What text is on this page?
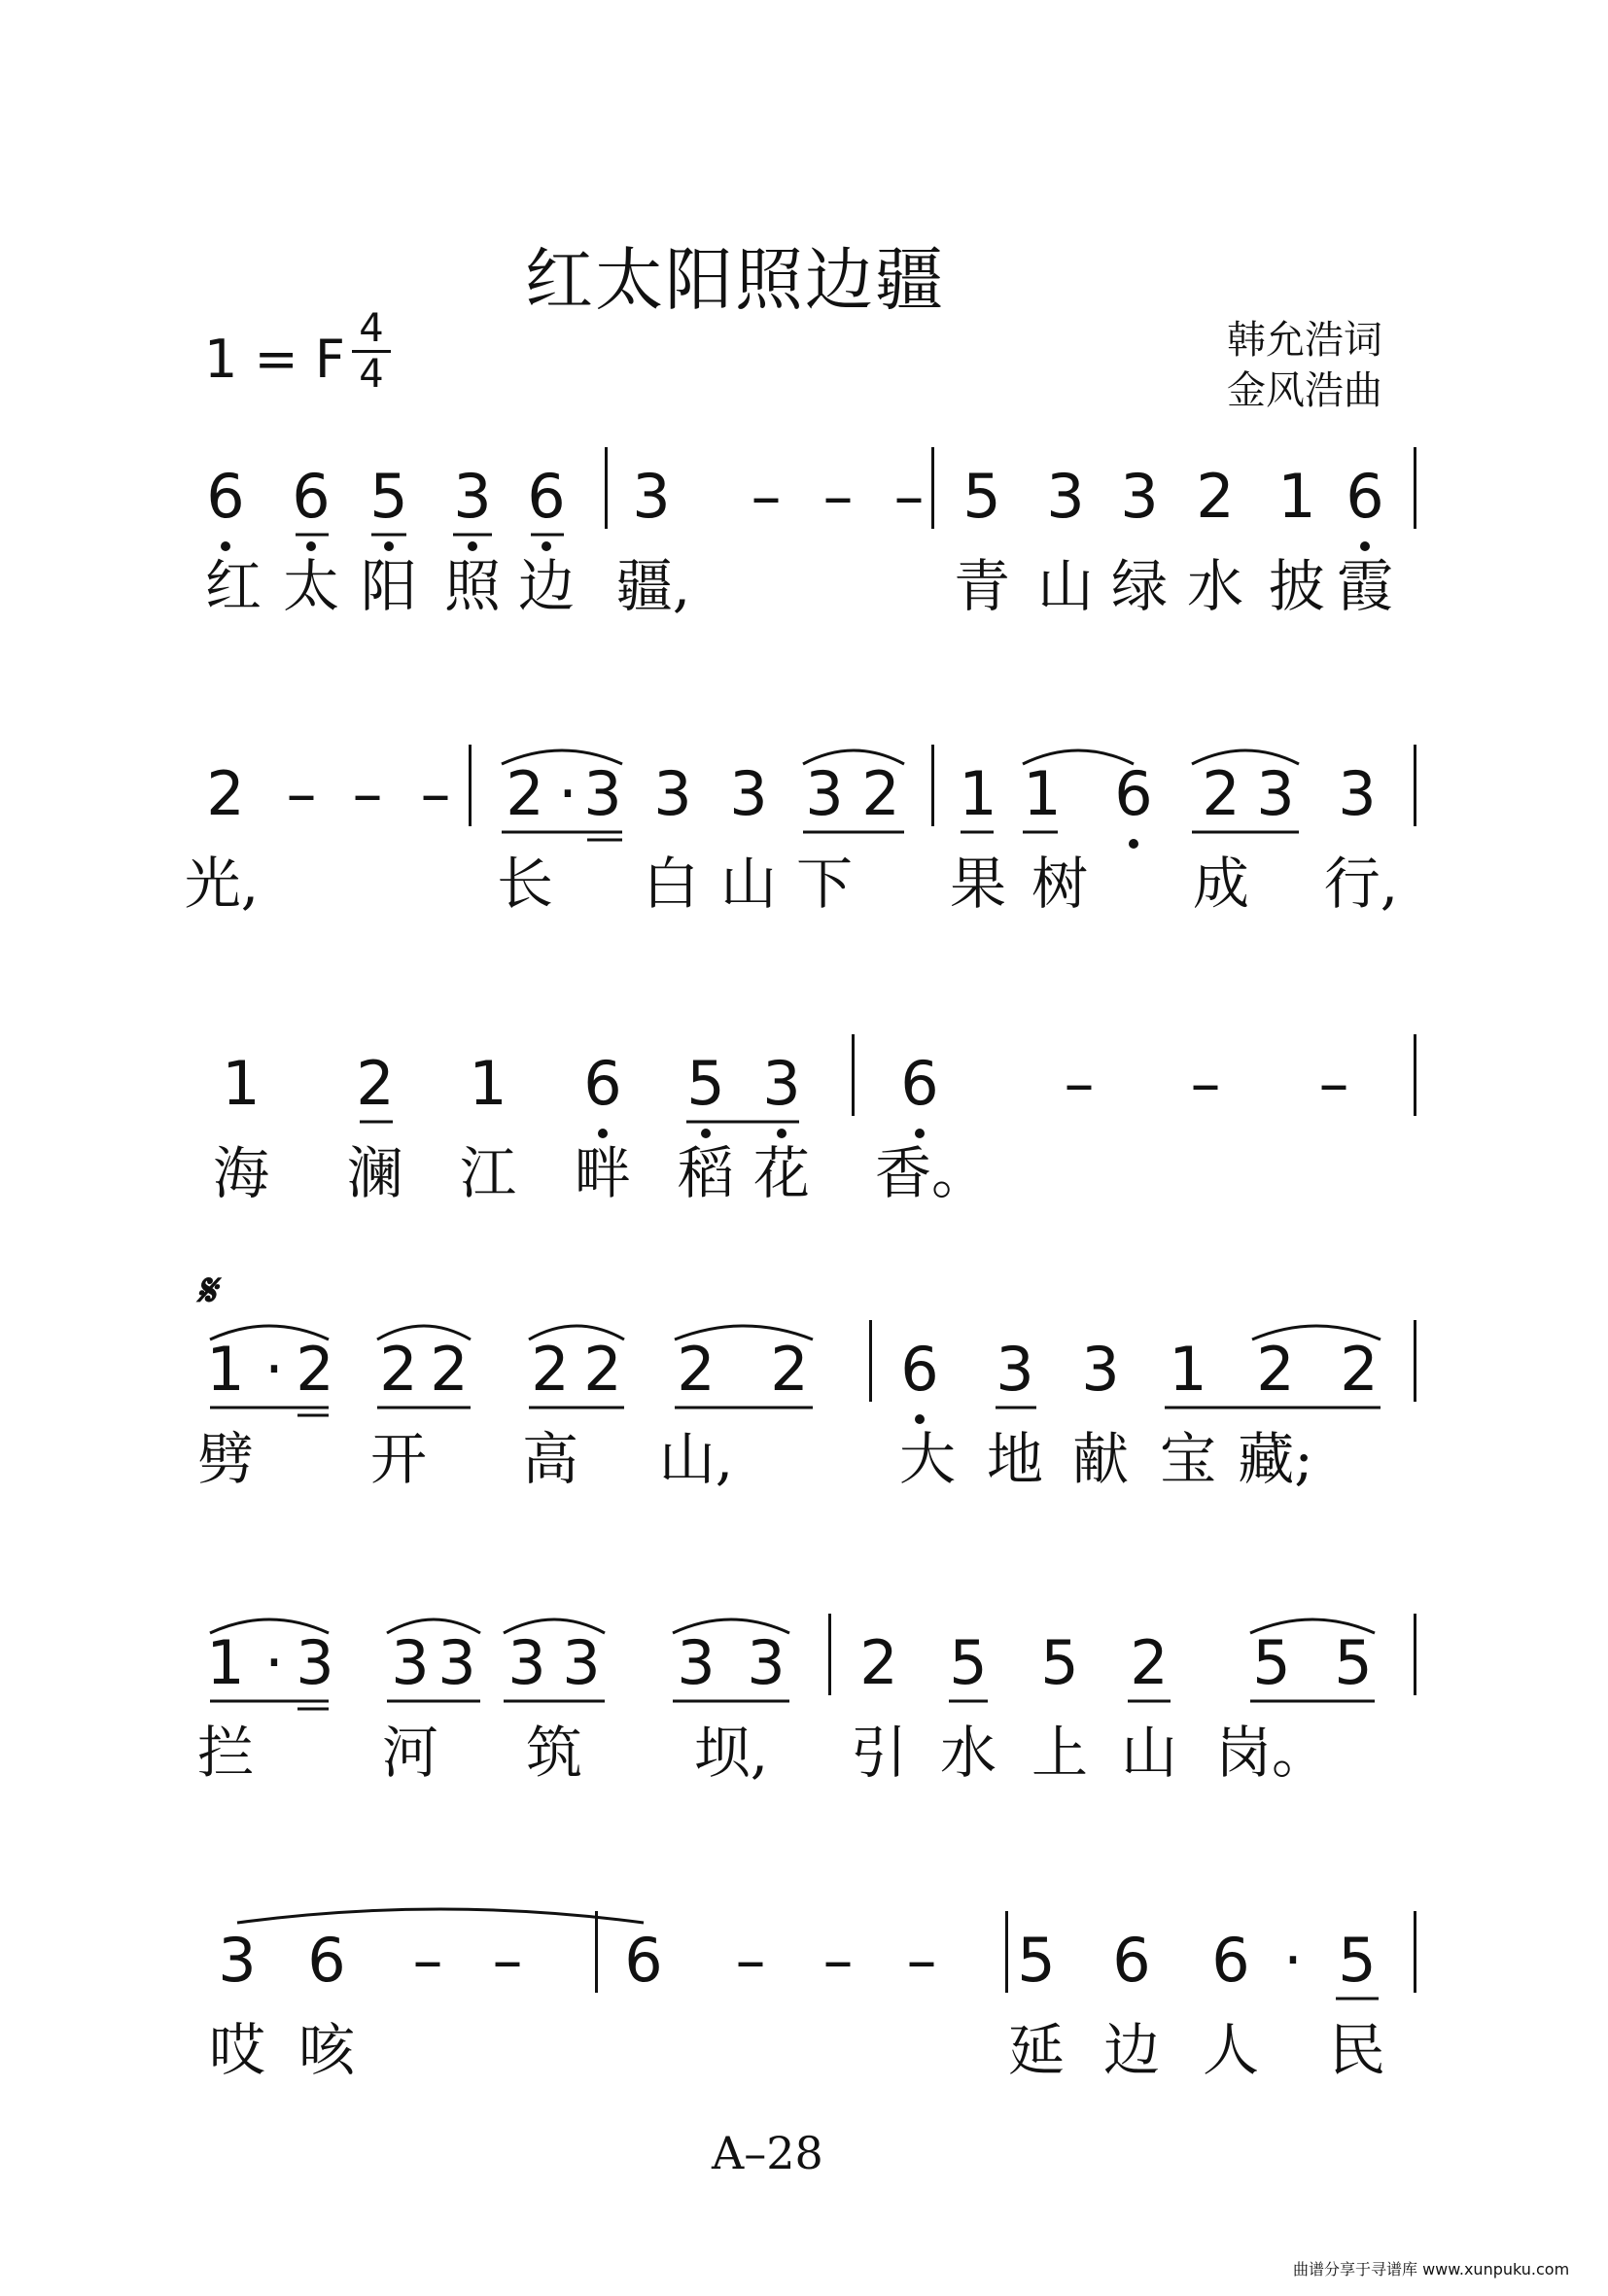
红太阳照边疆
1 = F 4
4
韩允浩词
金风浩曲
𝄋
6 6 5 3 6 3 – – – 5 3 3 2 1 6
红 太 阳 照 边 疆,	青 山 绿 水 披 霞
2 – – – 2 · 3 3 3 3 2 1 1 6 2 3 3
光,	长 白 山 下 果 树 成 行,
1 2 1 6 5 3 6 – – –
海 澜 江 畔 稻 花 香。
1 · 2 2 2 2 2 2 2 6 3 3 1 2 2
劈 开 高 山,	大 地 献 宝 藏;
1 · 3 3 3 3 3 3 3 2 5 5 2 5 5
拦 河 筑 坝, 引 水 上 山 岗。
3 6 – – 6 – – – 5 6 6 · 5
哎 咳	延 边 人 民
A–28
曲谱分享于寻谱库 www.xunpuku.com
